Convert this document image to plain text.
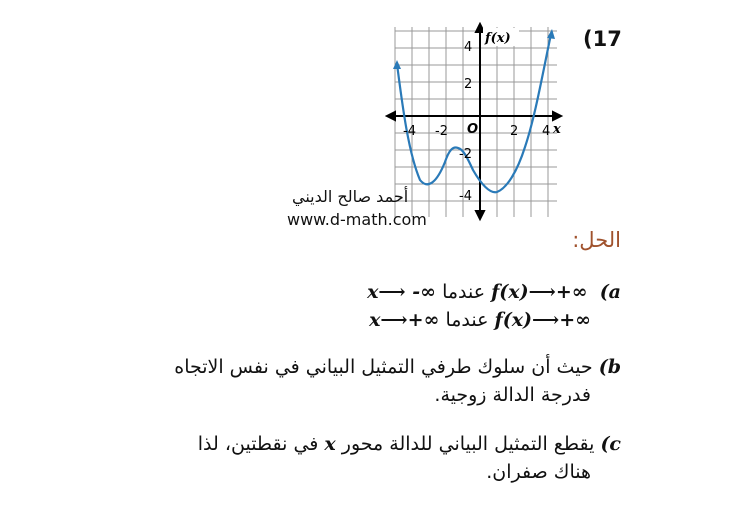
(17
4
2
-2
-4
-4 -2	2 4
O	x
f(x)
أحمد صالح الديني
www.d-math.com
الحل:
x⟶ -∞ عندما f(x)⟶+∞ (a
x⟶+∞ عندما f(x)⟶+∞
حيث أن سلوك طرفي التمثيل البياني في نفس الاتجاه (b
فدرجة الدالة زوجية.
في نقطتين، لذا x يقطع التمثيل البياني للدالة محور (c
هناك صفران.
